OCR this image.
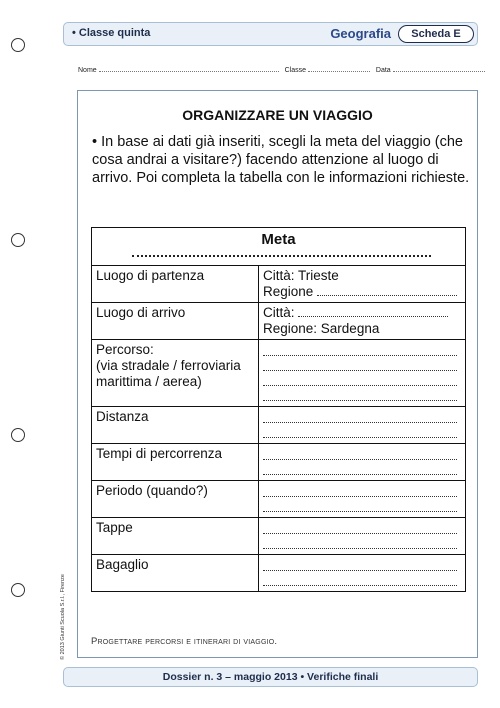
• Classe quinta	Geografia	Scheda E
Nome	Classe	Data
ORGANIZZARE UN VIAGGIO
• In base ai dati già inseriti, scegli la meta del viaggio (che cosa andrai a visitare?) facendo attenzione al luogo di arrivo. Poi completa la tabella con le informazioni richieste.
Meta	

Luogo di partenza	Città: Trieste
Regione

Luogo di arrivo	Città:
Regione: Sardegna

Percorso:
(via stradale / ferroviaria marittima / aerea)	

Distanza	

Tempi di percorrenza	

Periodo (quando?)	

Tappe	

Bagaglio	
Progettare percorsi e itinerari di viaggio.
© 2013 Giunti Scuola S.r.l., Firenze
Dossier n. 3 – maggio 2013 • Verifiche finali
